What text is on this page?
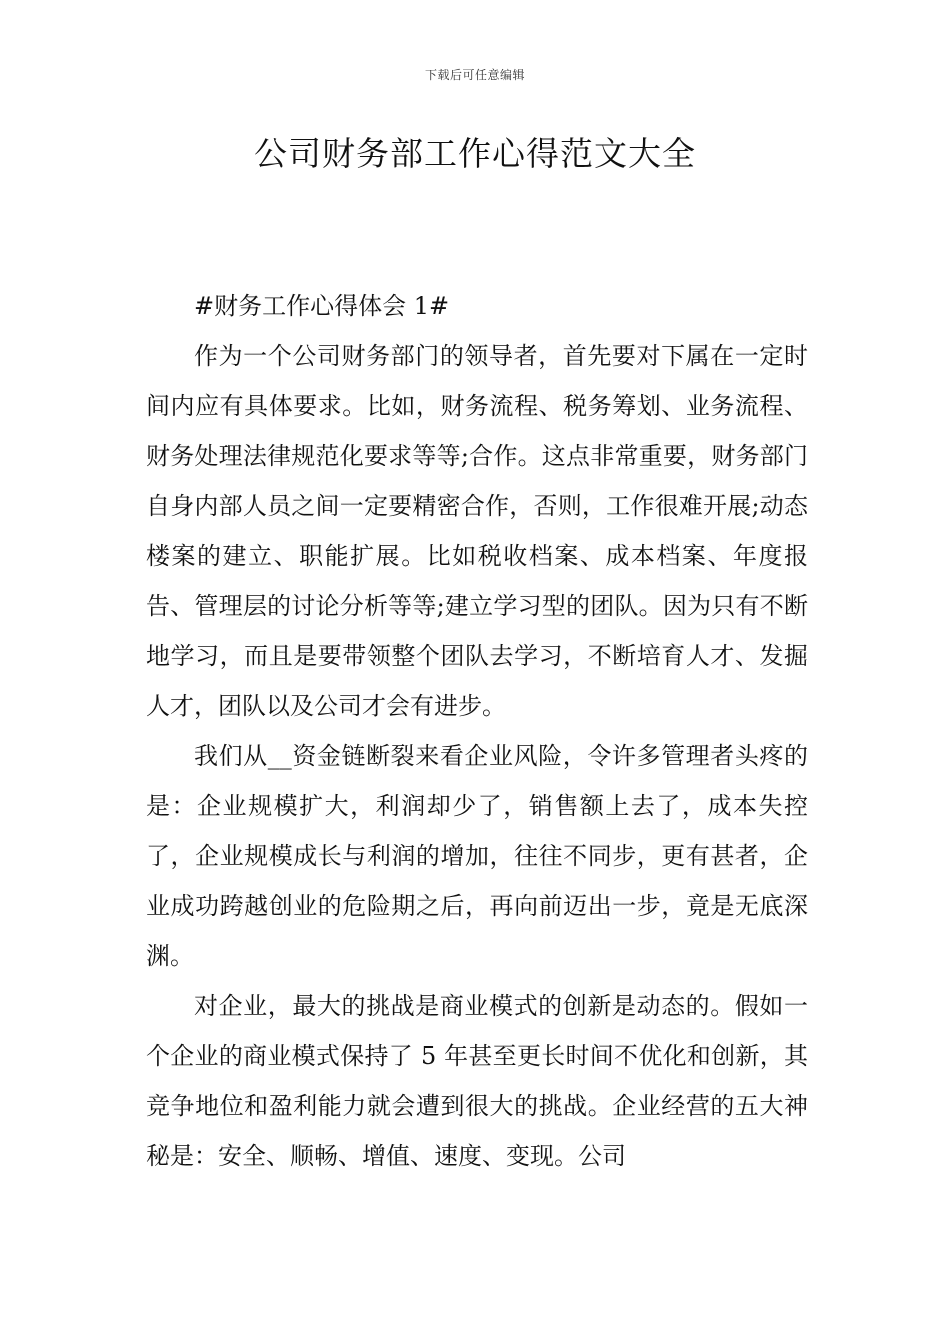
下载后可任意编辑
公司财务部工作心得范文大全

#财务工作心得体会 1#

作为一个公司财务部门的领导者，首先要对下属在一定时间内应有具体要求。比如，财务流程、税务筹划、业务流程、财务处理法律规范化要求等等;合作。这点非常重要，财务部门自身内部人员之间一定要精密合作，否则，工作很难开展;动态楼案的建立、职能扩展。比如税收档案、成本档案、年度报告、管理层的讨论分析等等;建立学习型的团队。因为只有不断地学习，而且是要带领整个团队去学习，不断培育人才、发掘人才，团队以及公司才会有进步。

我们从__资金链断裂来看企业风险，令许多管理者头疼的是：企业规模扩大，利润却少了，销售额上去了，成本失控了，企业规模成长与利润的增加，往往不同步，更有甚者，企业成功跨越创业的危险期之后，再向前迈出一步，竟是无底深渊。

对企业，最大的挑战是商业模式的创新是动态的。假如一个企业的商业模式保持了 5 年甚至更长时间不优化和创新，其竞争地位和盈利能力就会遭到很大的挑战。企业经营的五大神秘是：安全、顺畅、增值、速度、变现。公司
